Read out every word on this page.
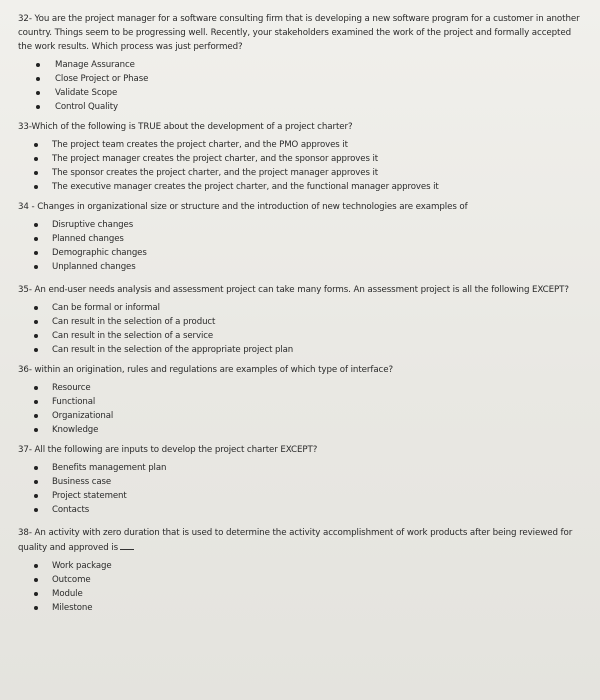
32- You are the project manager for a software consulting firm that is developing a new software program for a customer in another country. Things seem to be progressing well. Recently, your stakeholders examined the work of the project and formally accepted the work results. Which process was just performed?

Manage Assurance
Close Project or Phase
Validate Scope
Control Quality

33-Which of the following is TRUE about the development of a project charter?

The project team creates the project charter, and the PMO approves it
The project manager creates the project charter, and the sponsor approves it
The sponsor creates the project charter, and the project manager approves it
The executive manager creates the project charter, and the functional manager approves it

34 - Changes in organizational size or structure and the introduction of new technologies are examples of

Disruptive changes
Planned changes
Demographic changes
Unplanned changes

35- An end-user needs analysis and assessment project can take many forms. An assessment project is all the following EXCEPT?

Can be formal or informal
Can result in the selection of a product
Can result in the selection of a service
Can result in the selection of the appropriate project plan

36- within an origination, rules and regulations are examples of which type of interface?

Resource
Functional
Organizational
Knowledge

37- All the following are inputs to develop the project charter EXCEPT?

Benefits management plan
Business case
Project statement
Contacts

38- An activity with zero duration that is used to determine the activity accomplishment of work products after being reviewed for quality and approved is

Work package
Outcome
Module
Milestone
